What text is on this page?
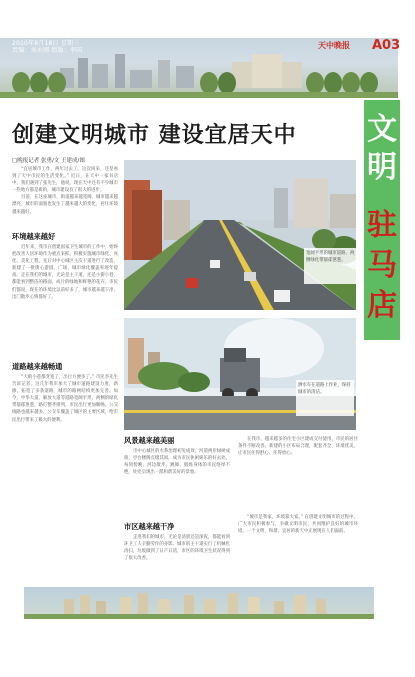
2010年8月18日 星期三
责编：刘永刚 组版：李国
天中晚报 A03
创建文明城市 建设宜居天中
□晚报记者 张勇/文 王建成/图
文
明
驻
马
店
“宜居城市工作，两年过去了。这次回来，还是看到了天中市民的生活变化。” 近日，在天中一家书店中，我们遇到了张先生，他说，现在天中还有不少城市一些地方都是新的，城市建设有了很大的进步。
目前，在这座城市，街道越来越宽阔，城市越来越漂亮，城市的面貌也发生了越来越大的变化，居住环境越来越好。
环境越来越好
近年来，我市在创建国家卫生城市的工作中，始终把改善人居环境作为重点来抓，积极实施城市绿化、亮化、美化工程，先后对中心城区主次干道进行了改造，新建了一批街心游园、广场，城市绿化覆盖率逐年提高。走在我们的城市，无论是主干道，还是小街小巷，都能看到整洁的路面、成片的绿地和鲜艳的花卉。市民们都说，现在的环境比以前好多了，城市越来越干净，出门散步心情都好了。
道路越来越畅通
“大街小巷都变宽了，出行方便多了。” 市民李先生告诉记者，这几年我市加大了城市道路建设力度，新修、拓宽了多条道路，城市的路网结构更加完善。如今，中华大道、解放大道等道路宽阔平坦，两侧的绿化带郁郁葱葱，路灯整齐排列，市民出行更加顺畅。公交线路也越来越多，公交车覆盖了城区的主要区域，给市民出行带来了极大的便利。
宽阔平坦的城市道路，两侧绿化带郁郁葱葱。
洒水车在道路上作业，保持城市的清洁。
风景越来越美丽
市中心城区的水系治理初见成效，河道两岸绿树成荫，亭台楼阁点缀其间，成为市民休闲娱乐的好去处。每到傍晚，河边散步、跳舞、锻炼身体的市民络绎不绝，处处呈现出一派和谐美好的景象。
市区越来越干净
走进我们的城市，无论是清晨还是深夜，都能看到环卫工人辛勤劳作的身影。城市的主干道实行了机械化清扫，垃圾做到了日产日清，市区的环境卫生状况得到了很大改善。
在我市，越来越多的住宅小区建成交付使用，市民的居住条件不断改善。新建的小区布局合理，配套齐全，环境优美，让市民住得舒心、住得放心。
“城市是我家，环境靠大家。” 在创建文明城市的过程中，广大市民积极参与，争做文明市民，共同维护良好的城市环境，一个文明、和谐、宜居的新天中正展现在人们面前。
